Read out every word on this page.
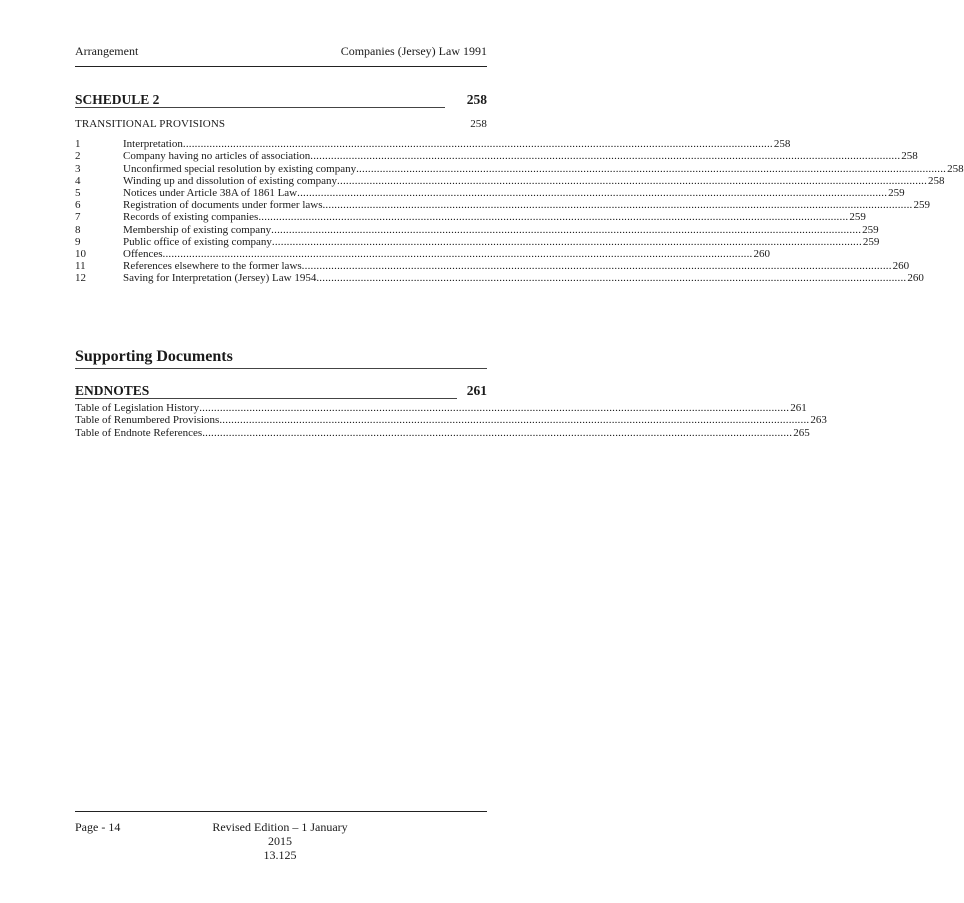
Arrangement	Companies (Jersey) Law 1991
SCHEDULE 2	258
TRANSITIONAL PROVISIONS	258
1	Interpretation ........................................................................................................................................................................................................ 258
2	Company having no articles of association ........................................................................................................................................................................................................ 258
3	Unconfirmed special resolution by existing company ........................................................................................................................................................................................................ 258
4	Winding up and dissolution of existing company ........................................................................................................................................................................................................ 258
5	Notices under Article 38A of 1861 Law ........................................................................................................................................................................................................ 259
6	Registration of documents under former laws ........................................................................................................................................................................................................ 259
7	Records of existing companies ........................................................................................................................................................................................................ 259
8	Membership of existing company ........................................................................................................................................................................................................ 259
9	Public office of existing company ........................................................................................................................................................................................................ 259
10	Offences ........................................................................................................................................................................................................ 260
11	References elsewhere to the former laws ........................................................................................................................................................................................................ 260
12	Saving for Interpretation (Jersey) Law 1954 ........................................................................................................................................................................................................ 260
Supporting Documents
ENDNOTES	261
Table of Legislation History ........................................................................................................................................................................................................ 261
Table of Renumbered Provisions ........................................................................................................................................................................................................ 263
Table of Endnote References ........................................................................................................................................................................................................ 265
Page - 14	Revised Edition – 1 January 2015
13.125
